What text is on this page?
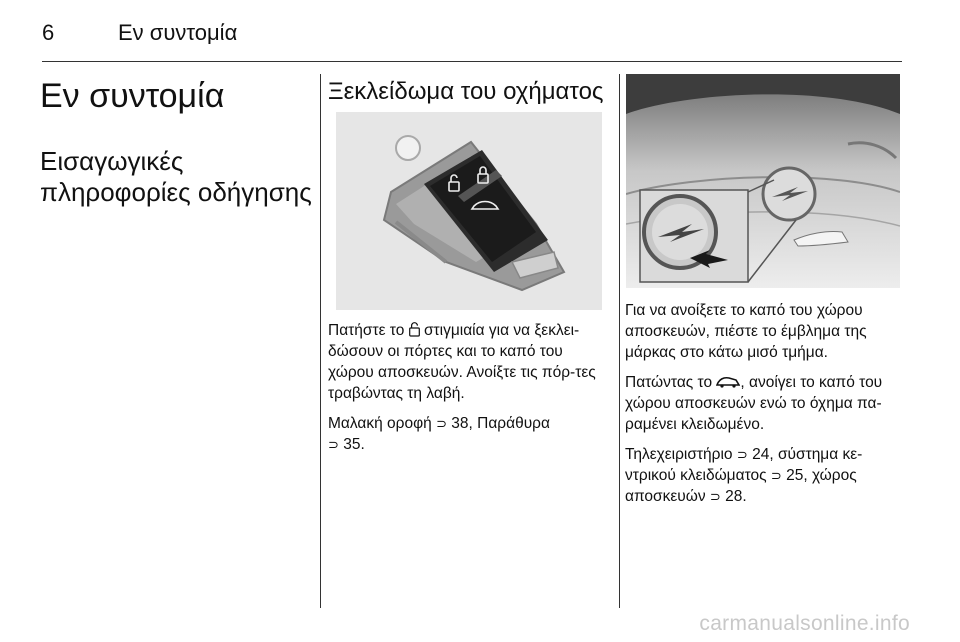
6	Εν συντομία
Εν συντομία
Εισαγωγικές πληροφορίες οδήγησης
Ξεκλείδωμα του οχήματος

Πατήστε το  στιγμιαία για να ξεκλει-δώσουν οι πόρτες και το καπό του χώρου αποσκευών. Ανοίξτε τις πόρ-τες τραβώντας τη λαβή.

Μαλακή οροφή ⊃ 38, Παράθυρα
⊃ 35.

Για να ανοίξετε το καπό του χώρου αποσκευών, πιέστε το έμβλημα της μάρκας στο κάτω μισό τμήμα.

Πατώντας το , ανοίγει το καπό του χώρου αποσκευών ενώ το όχημα πα-ραμένει κλειδωμένο.

Τηλεχειριστήριο ⊃ 24, σύστημα κε-ντρικού κλειδώματος ⊃ 25, χώρος αποσκευών ⊃ 28.

carmanualsonline.info
